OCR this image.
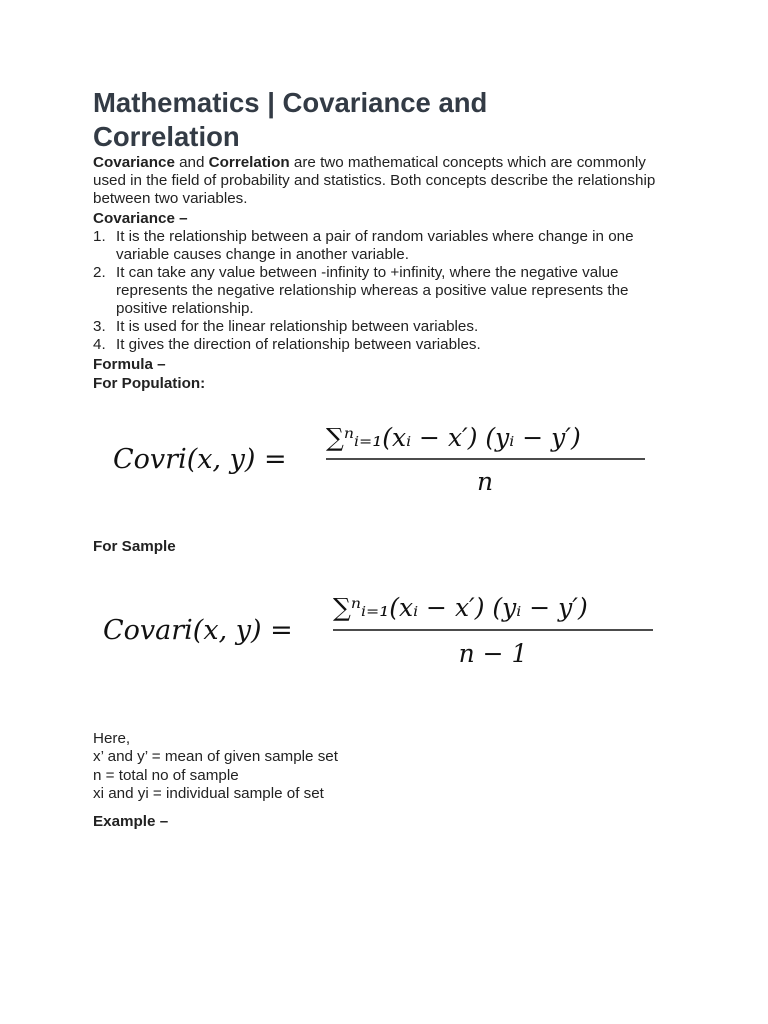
Mathematics | Covariance and Correlation
Covariance and Correlation are two mathematical concepts which are commonly used in the field of probability and statistics. Both concepts describe the relationship between two variables.
Covariance –
1. It is the relationship between a pair of random variables where change in one variable causes change in another variable.
2. It can take any value between -infinity to +infinity, where the negative value represents the negative relationship whereas a positive value represents the positive relationship.
3. It is used for the linear relationship between variables.
4. It gives the direction of relationship between variables.
Formula –
For Population:
Covri(x, y) =
∑ⁿᵢ₌₁(xᵢ − x′) (yᵢ − y′)
n
For Sample
Covari(x, y) =
∑ⁿᵢ₌₁(xᵢ − x′) (yᵢ − y′)
n − 1
Here,
x’ and y’ = mean of given sample set
n = total no of sample
xi and yi = individual sample of set
Example –
